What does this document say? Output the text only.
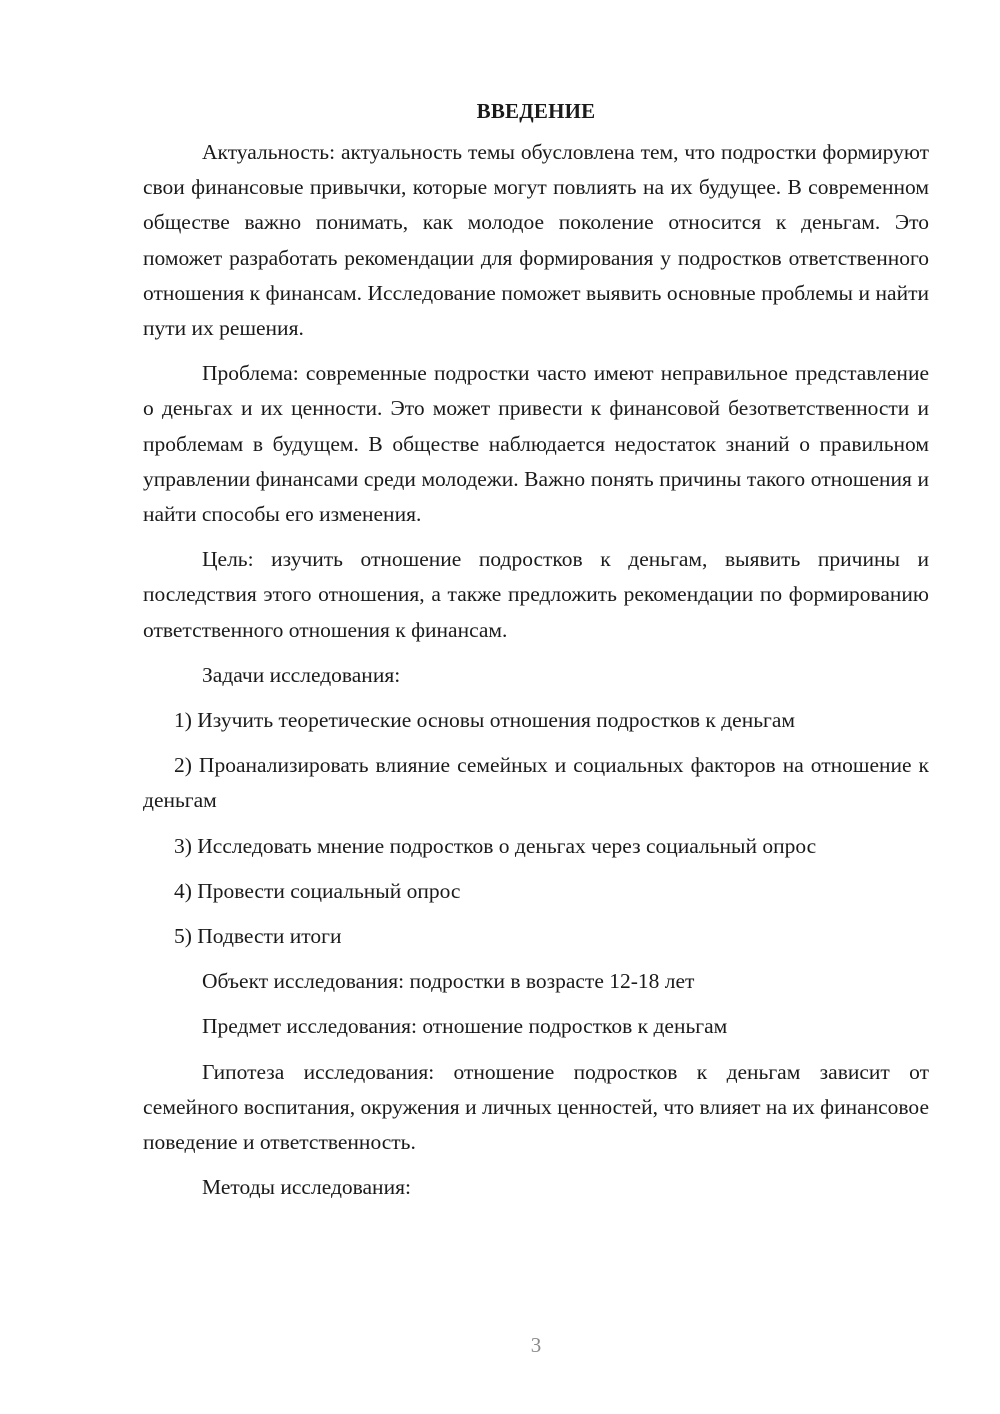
ВВЕДЕНИЕ

Актуальность: актуальность темы обусловлена тем, что подростки формируют свои финансовые привычки, которые могут повлиять на их будущее. В современном обществе важно понимать, как молодое поколение относится к деньгам. Это поможет разработать рекомендации для формирования у подростков ответственного отношения к финансам. Исследование поможет выявить основные проблемы и найти пути их решения.

Проблема: современные подростки часто имеют неправильное представление о деньгах и их ценности. Это может привести к финансовой безответственности и проблемам в будущем. В обществе наблюдается недостаток знаний о правильном управлении финансами среди молодежи. Важно понять причины такого отношения и найти способы его изменения.

Цель: изучить отношение подростков к деньгам, выявить причины и последствия этого отношения, а также предложить рекомендации по формированию ответственного отношения к финансам.

Задачи исследования:

1) Изучить теоретические основы отношения подростков к деньгам

2) Проанализировать влияние семейных и социальных факторов на отношение к деньгам

3) Исследовать мнение подростков о деньгах через социальный опрос

4) Провести социальный опрос

5) Подвести итоги

Объект исследования: подростки в возрасте 12-18 лет

Предмет исследования: отношение подростков к деньгам

Гипотеза исследования: отношение подростков к деньгам зависит от семейного воспитания, окружения и личных ценностей, что влияет на их финансовое поведение и ответственность.

Методы исследования:

3
